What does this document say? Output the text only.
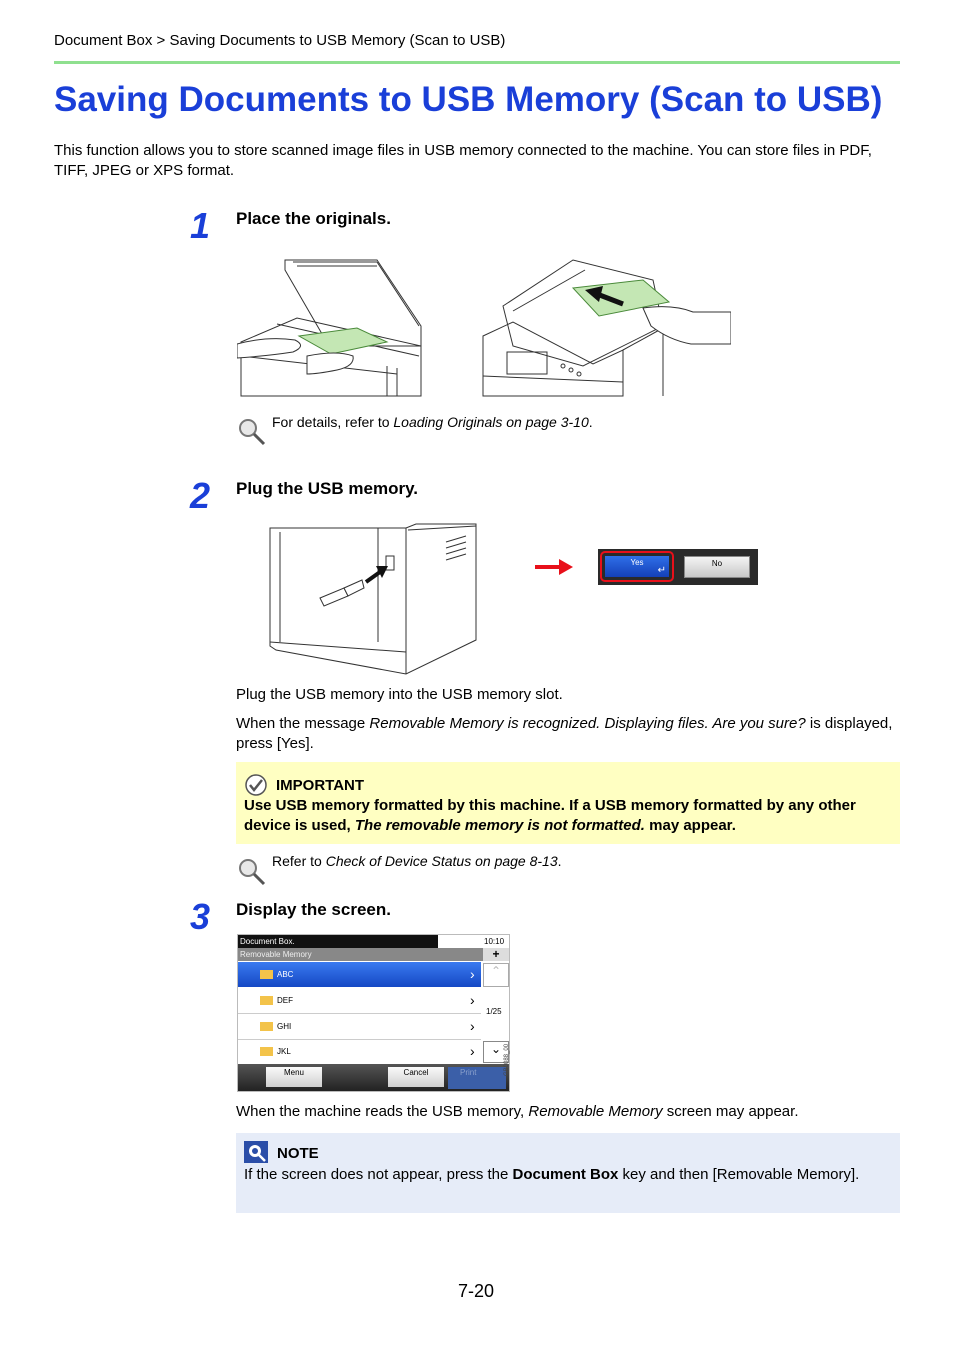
Document Box > Saving Documents to USB Memory (Scan to USB)
Saving Documents to USB Memory (Scan to USB)
This function allows you to store scanned image files in USB memory connected to the machine. You can store files in PDF, TIFF, JPEG or XPS format.
1 Place the originals.
For details, refer to Loading Originals on page 3-10.
2 Plug the USB memory.
Yes
↵
No
Plug the USB memory into the USB memory slot.
When the message Removable Memory is recognized. Displaying files. Are you sure? is displayed, press [Yes].
IMPORTANT
Use USB memory formatted by this machine. If a USB memory formatted by any other device is used, The removable memory is not formatted. may appear.
Refer to Check of Device Status on page 8-13.
3 Display the screen.
Document Box.	10:10
Removable Memory	+
ABC	›
DEF	›
GHI	›
JKL	›
⌃
1/25
⌄
Menu	Cancel	Print	GB0088_00
When the machine reads the USB memory, Removable Memory screen may appear.
NOTE
If the screen does not appear, press the Document Box key and then [Removable Memory].
7-20
